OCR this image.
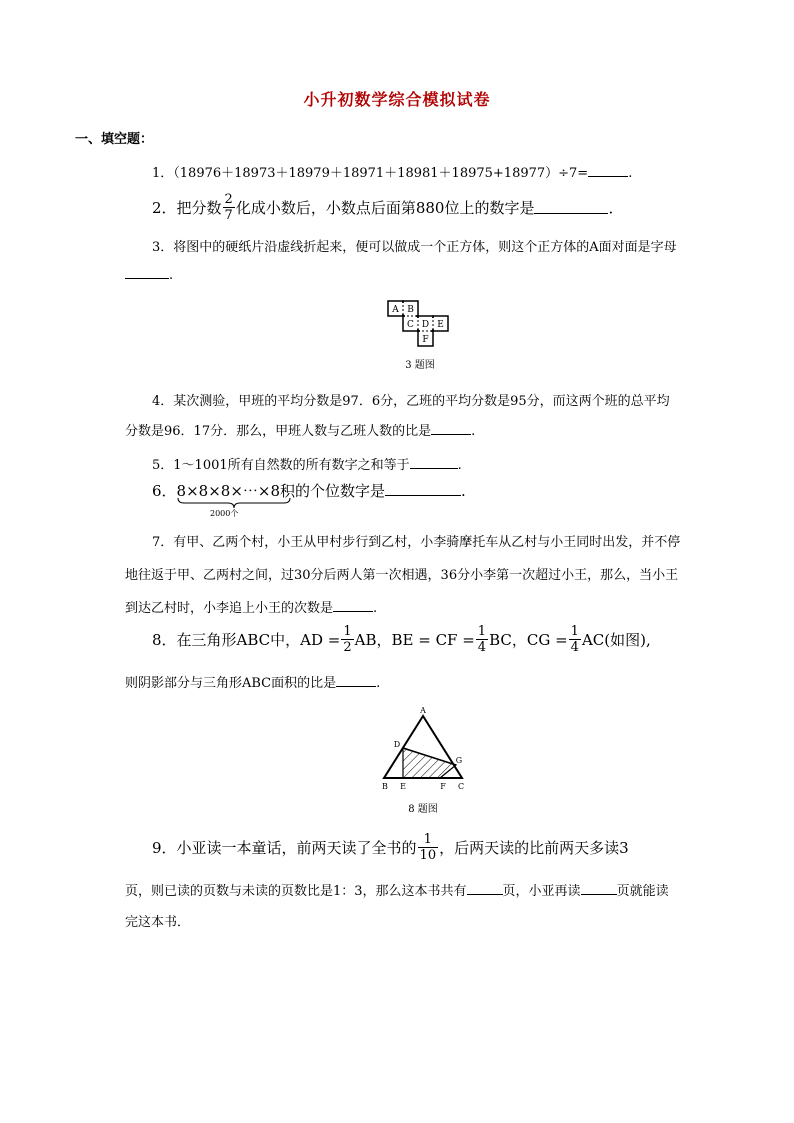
小升初数学综合模拟试卷
一、填空题：
1．（18976＋18973＋18979＋18971＋18981＋18975+18977）÷7=	.
2．把分数 $\frac{2}{7}$ 化成小数后，小数点后面第880位上的数字是	．
3．将图中的硬纸片沿虚线折起来，便可以做成一个正方体，则这个正方体的A面对面是字母
.
A B
C D E
F
3 题图
4．某次测验，甲班的平均分数是97．6分，乙班的平均分数是95分，而这两个班的总平均
分数是96．17分．那么，甲班人数与乙班人数的比是	.
5．1～1001所有自然数的所有数字之和等于	.
6．8×8×8×⋯×8积的个位数字是	.
2000个
7．有甲、乙两个村，小王从甲村步行到乙村，小李骑摩托车从乙村与小王同时出发，并不停
地往返于甲、乙两村之间，过30分后两人第一次相遇，36分小李第一次超过小王，那么，当小王
到达乙村时，小李追上小王的次数是	.
8．在三角形ABC中，AD = $\frac{1}{2}$ AB，BE = CF = $\frac{1}{4}$ BC，CG = $\frac{1}{4} AC$(如图),
则阴影部分与三角形ABC面积的比是	.
A
D
G
B E	F C
8 题图
9．小亚读一本童话，前两天读了全书的 $\frac{1}{10}$ ，后两天读的比前两天多读3
页，则已读的页数与未读的页数比是1：3，那么这本书共有	页，小亚再读	页就能读
完这本书．
